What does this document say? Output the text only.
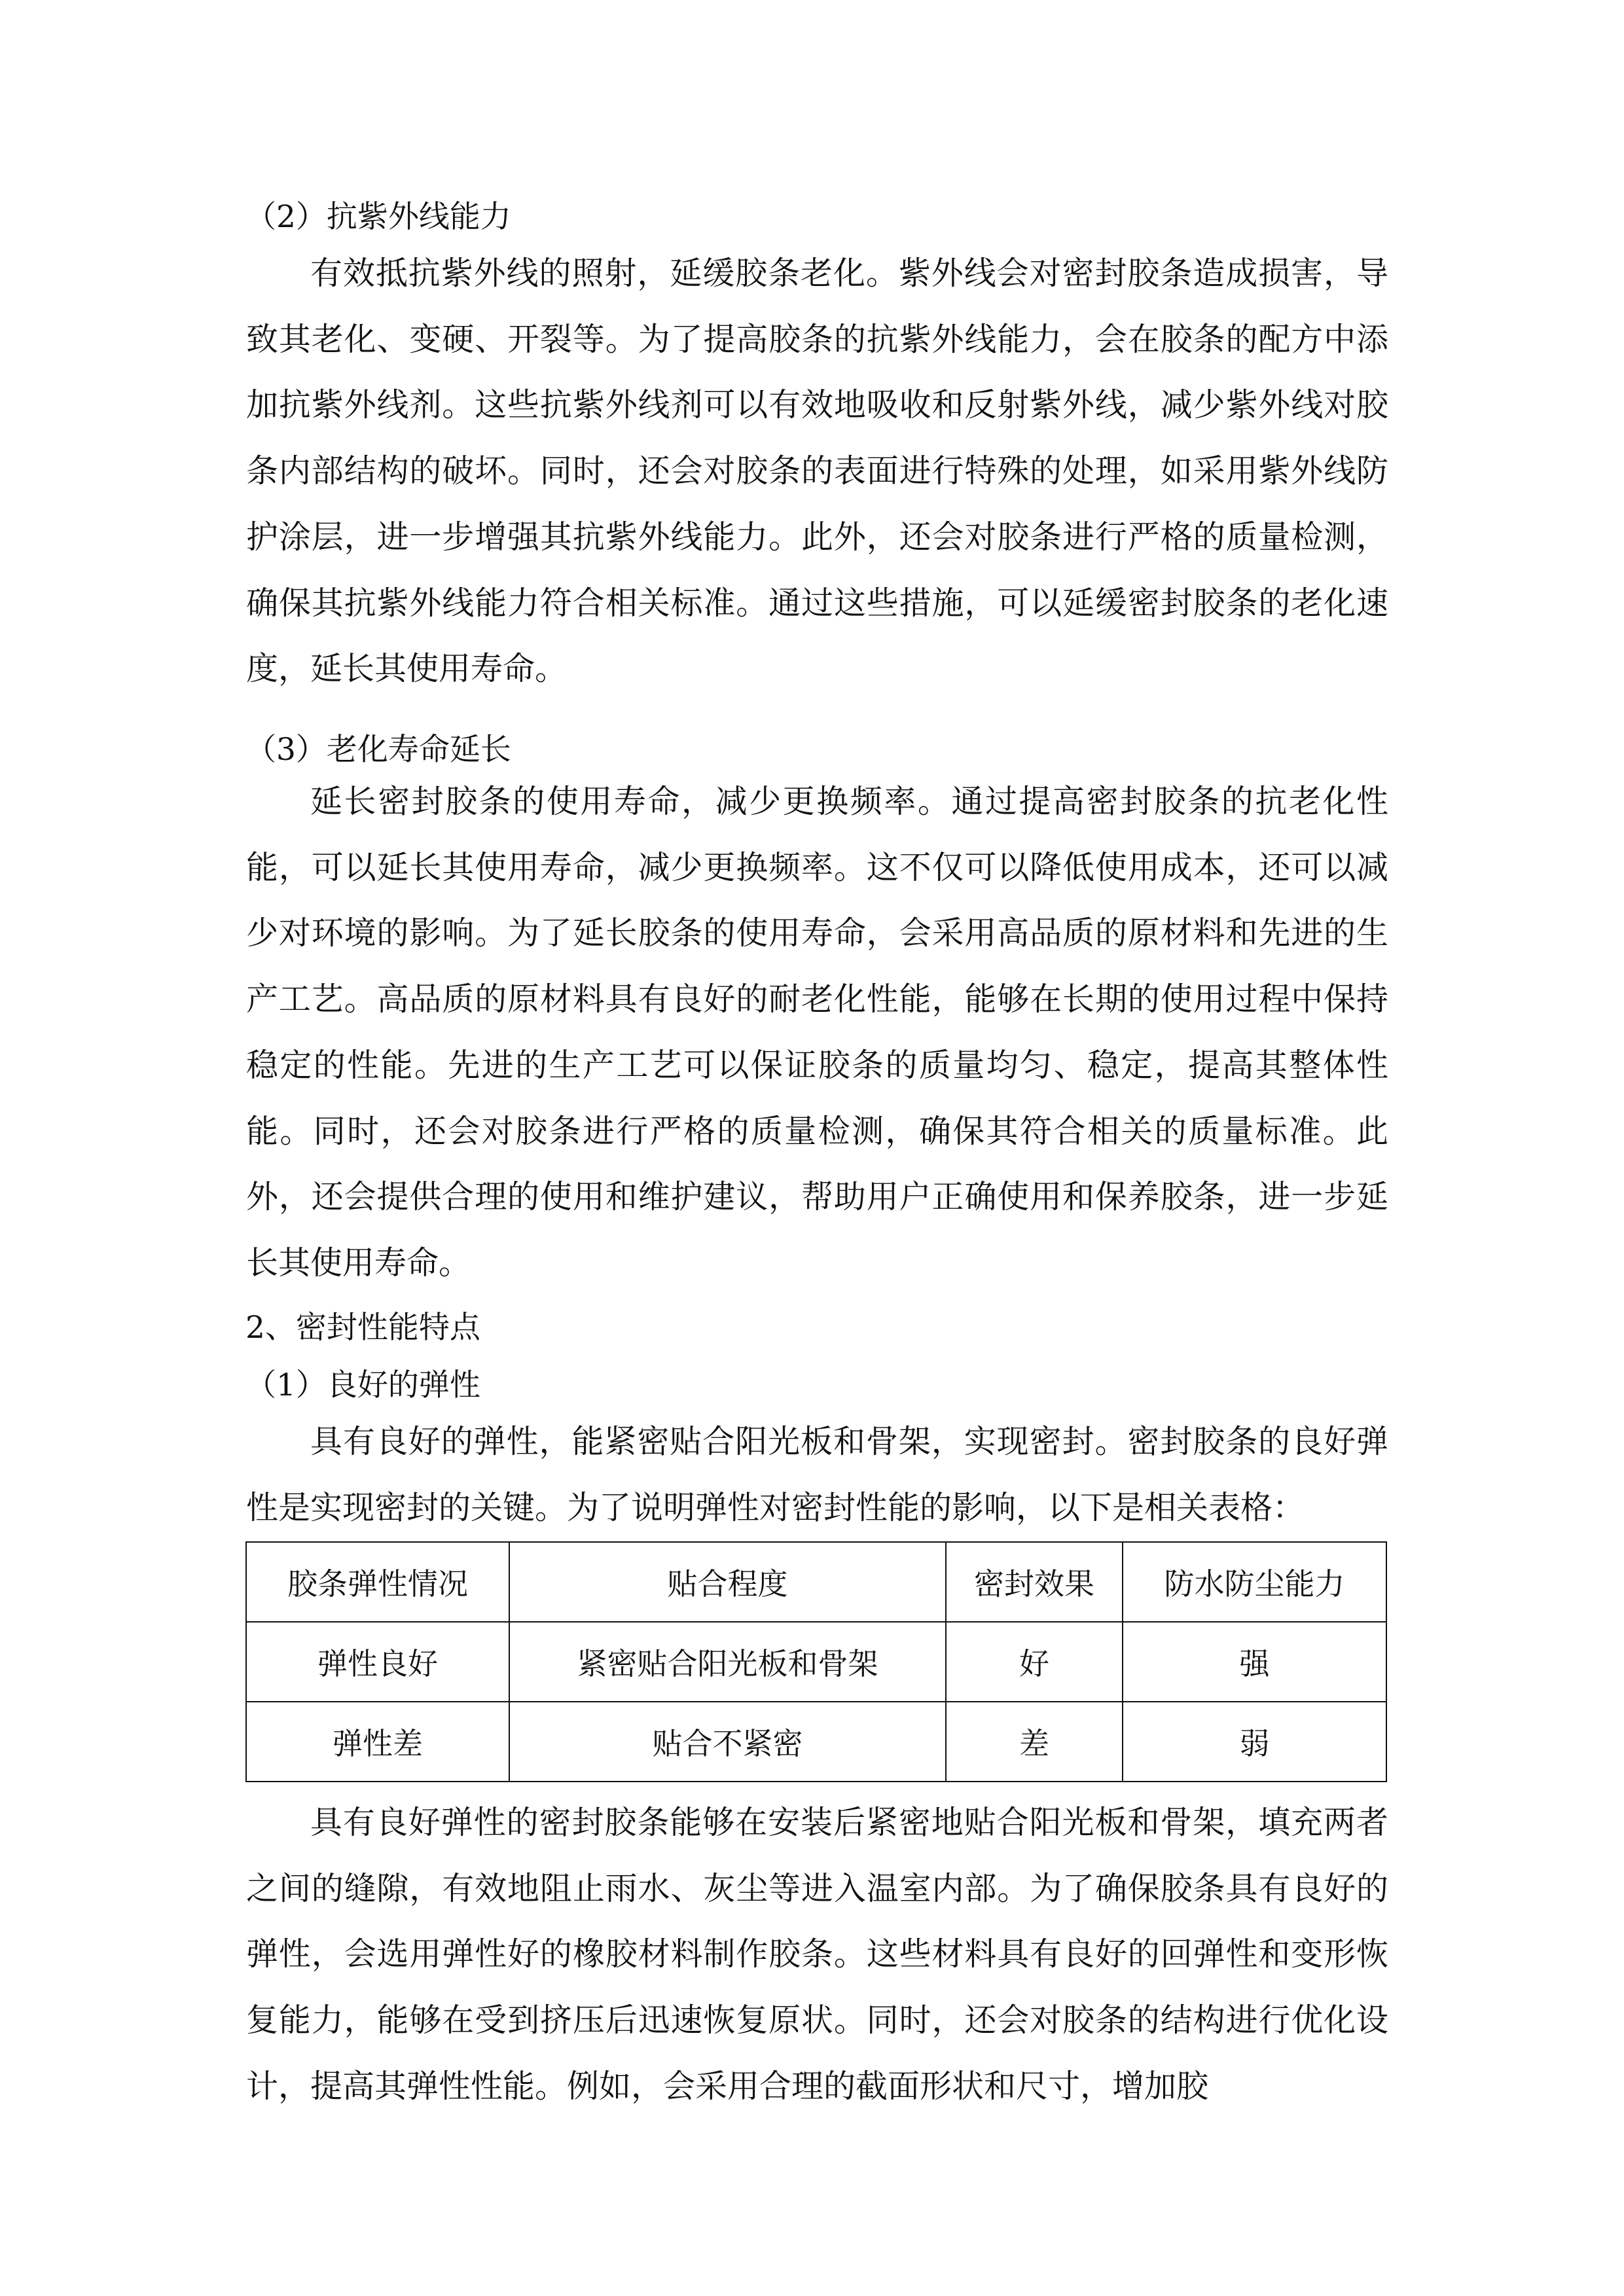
（2）抗紫外线能力

有效抵抗紫外线的照射，延缓胶条老化。紫外线会对密封胶条造成损害，导致其老化、变硬、开裂等。为了提高胶条的抗紫外线能力，会在胶条的配方中添加抗紫外线剂。这些抗紫外线剂可以有效地吸收和反射紫外线，减少紫外线对胶条内部结构的破坏。同时，还会对胶条的表面进行特殊的处理，如采用紫外线防护涂层，进一步增强其抗紫外线能力。此外，还会对胶条进行严格的质量检测，确保其抗紫外线能力符合相关标准。通过这些措施，可以延缓密封胶条的老化速度，延长其使用寿命。

（3）老化寿命延长

延长密封胶条的使用寿命，减少更换频率。通过提高密封胶条的抗老化性能，可以延长其使用寿命，减少更换频率。这不仅可以降低使用成本，还可以减少对环境的影响。为了延长胶条的使用寿命，会采用高品质的原材料和先进的生产工艺。高品质的原材料具有良好的耐老化性能，能够在长期的使用过程中保持稳定的性能。先进的生产工艺可以保证胶条的质量均匀、稳定，提高其整体性能。同时，还会对胶条进行严格的质量检测，确保其符合相关的质量标准。此外，还会提供合理的使用和维护建议，帮助用户正确使用和保养胶条，进一步延长其使用寿命。

2、密封性能特点
（1）良好的弹性

具有良好的弹性，能紧密贴合阳光板和骨架，实现密封。密封胶条的良好弹性是实现密封的关键。为了说明弹性对密封性能的影响，以下是相关表格：

胶条弹性情况	贴合程度	密封效果	防水防尘能力
弹性良好	紧密贴合阳光板和骨架	好	强
弹性差	贴合不紧密	差	弱

具有良好弹性的密封胶条能够在安装后紧密地贴合阳光板和骨架，填充两者之间的缝隙，有效地阻止雨水、灰尘等进入温室内部。为了确保胶条具有良好的弹性，会选用弹性好的橡胶材料制作胶条。这些材料具有良好的回弹性和变形恢复能力，能够在受到挤压后迅速恢复原状。同时，还会对胶条的结构进行优化设计，提高其弹性性能。例如，会采用合理的截面形状和尺寸，增加胶
